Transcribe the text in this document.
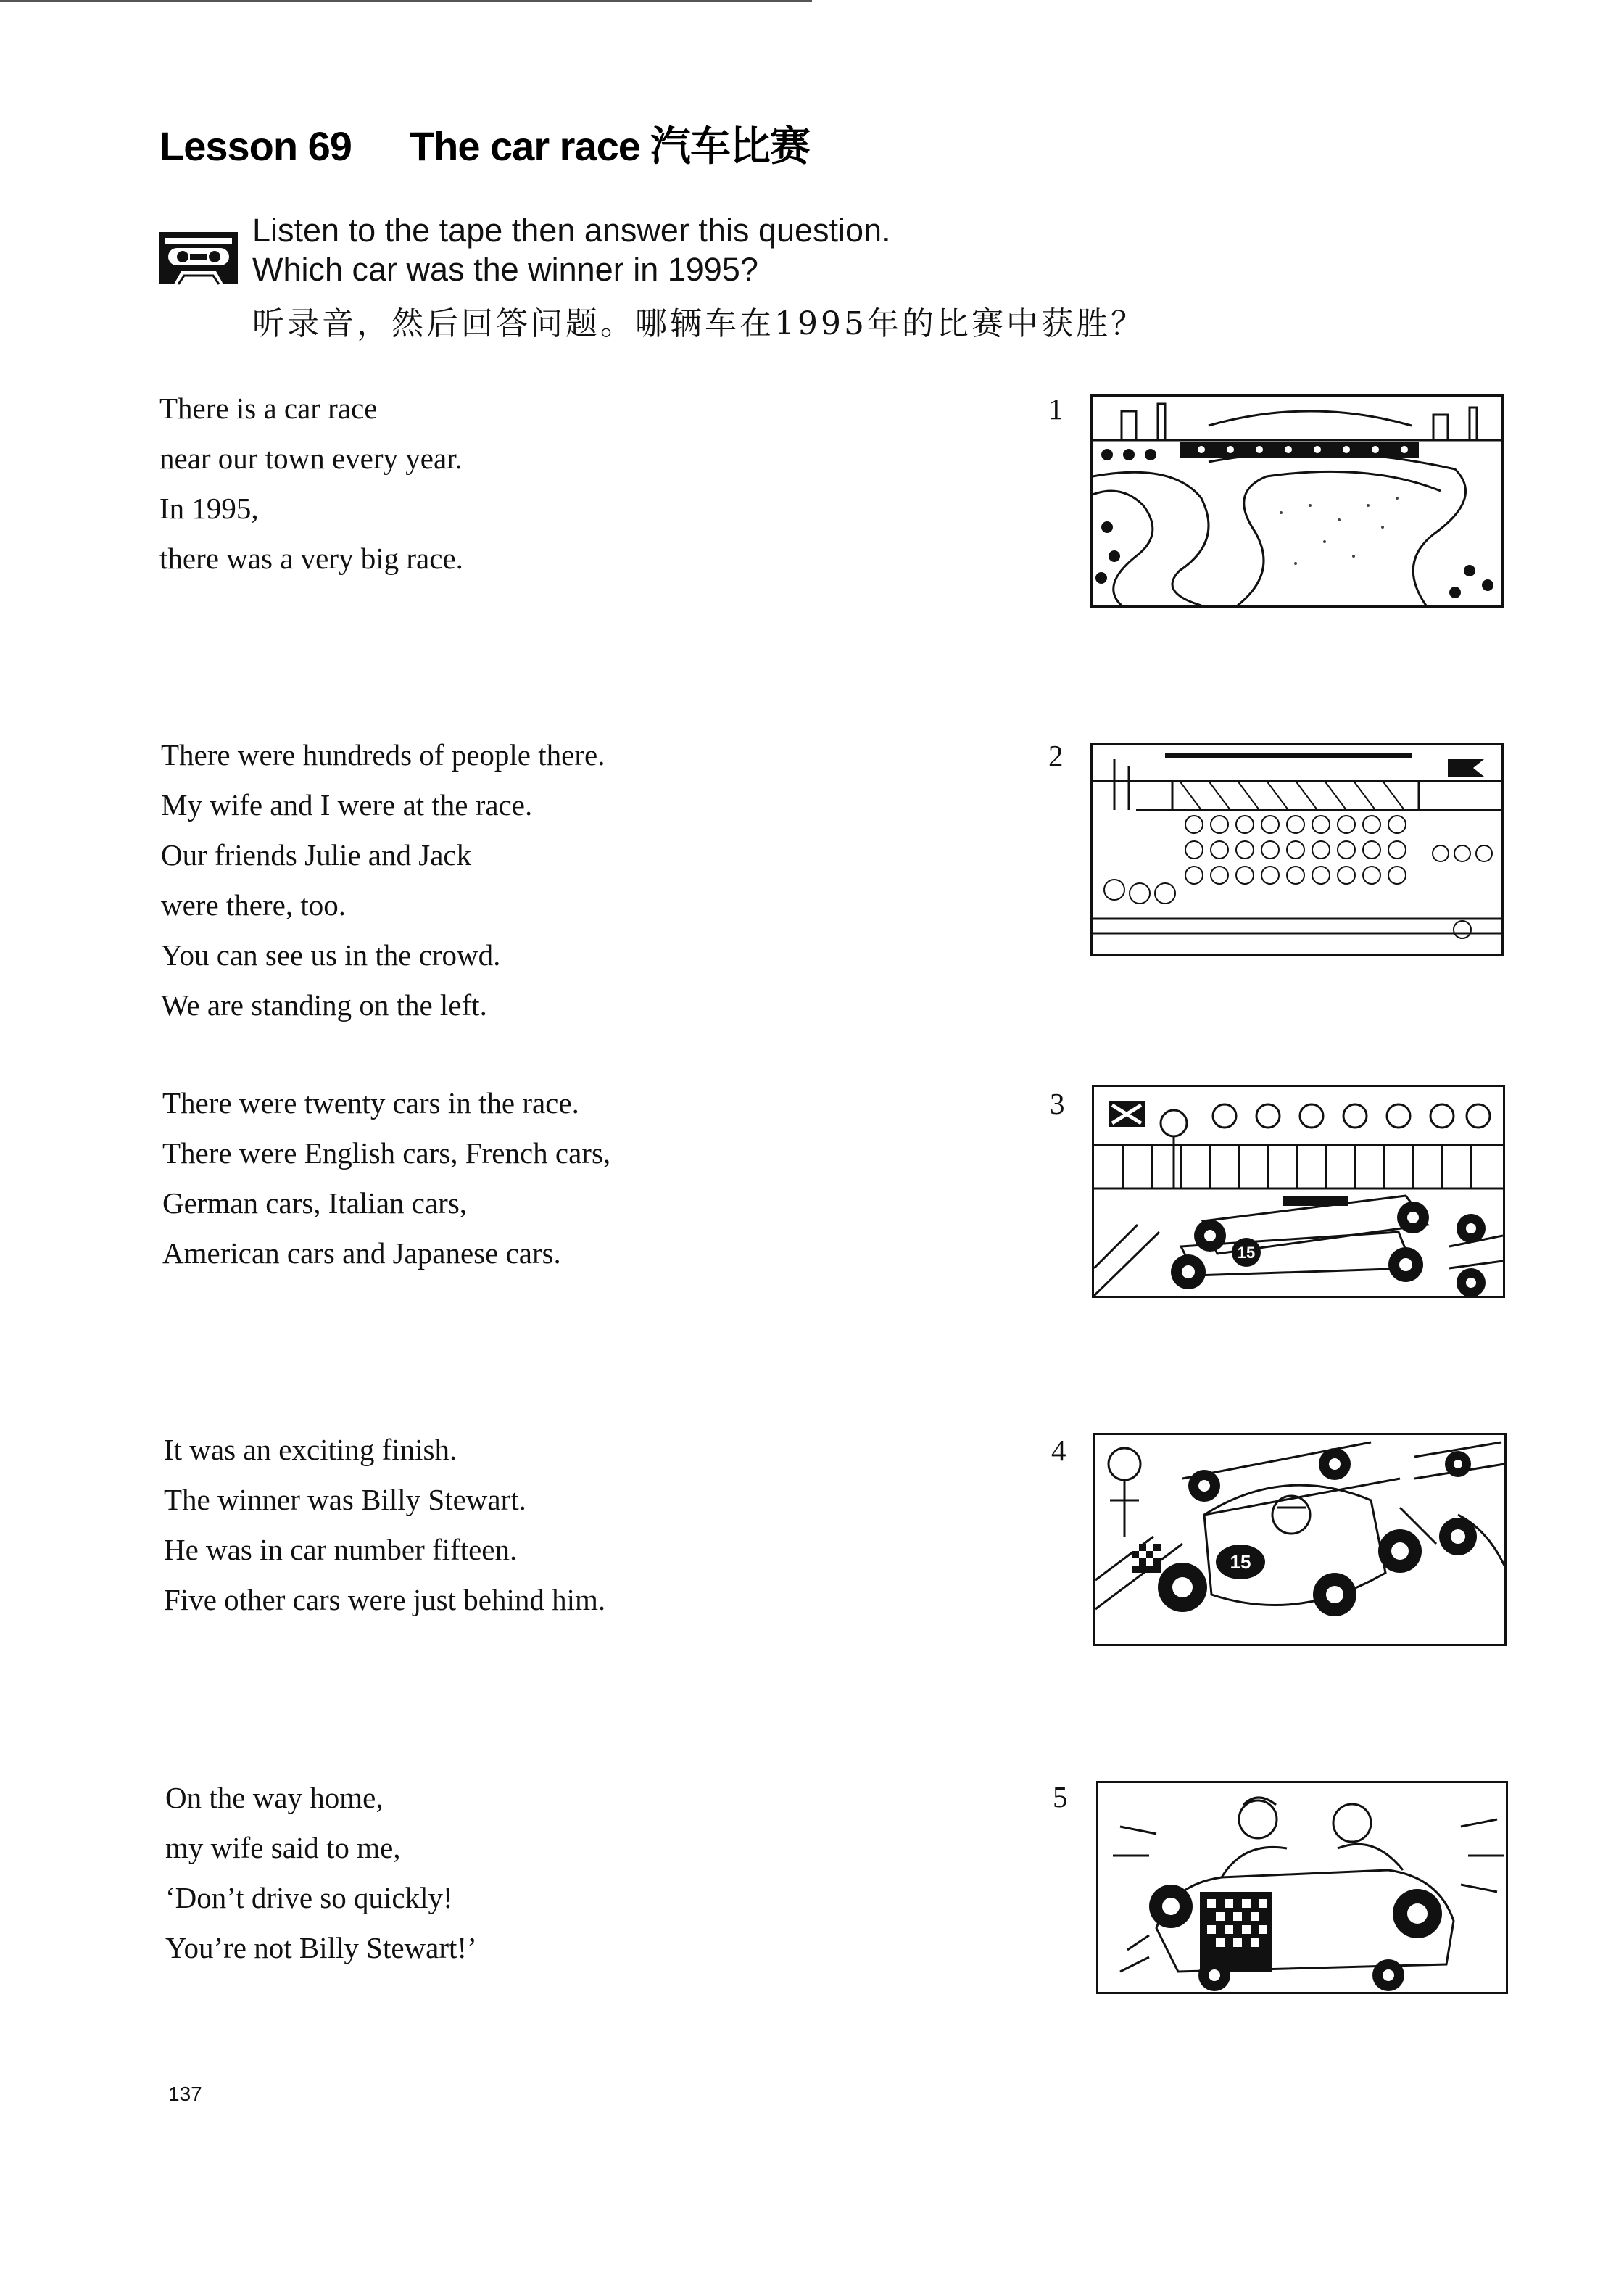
Lesson 69 The car race 汽车比赛
Listen to the tape then answer this question.
Which car was the winner in 1995?
听录音，然后回答问题。哪辆车在1995年的比赛中获胜？
There is a car race
near our town every year.
In 1995,
there was a very big race.
1
There were hundreds of people there.
My wife and I were at the race.
Our friends Julie and Jack
were there, too.
You can see us in the crowd.
We are standing on the left.
2
There were twenty cars in the race.
There were English cars, French cars,
German cars, Italian cars,
American cars and Japanese cars.
3
15
It was an exciting finish.
The winner was Billy Stewart.
He was in car number fifteen.
Five other cars were just behind him.
4
15
On the way home,
my wife said to me,
‘Don’t drive so quickly!
You’re not Billy Stewart!’
5
137
